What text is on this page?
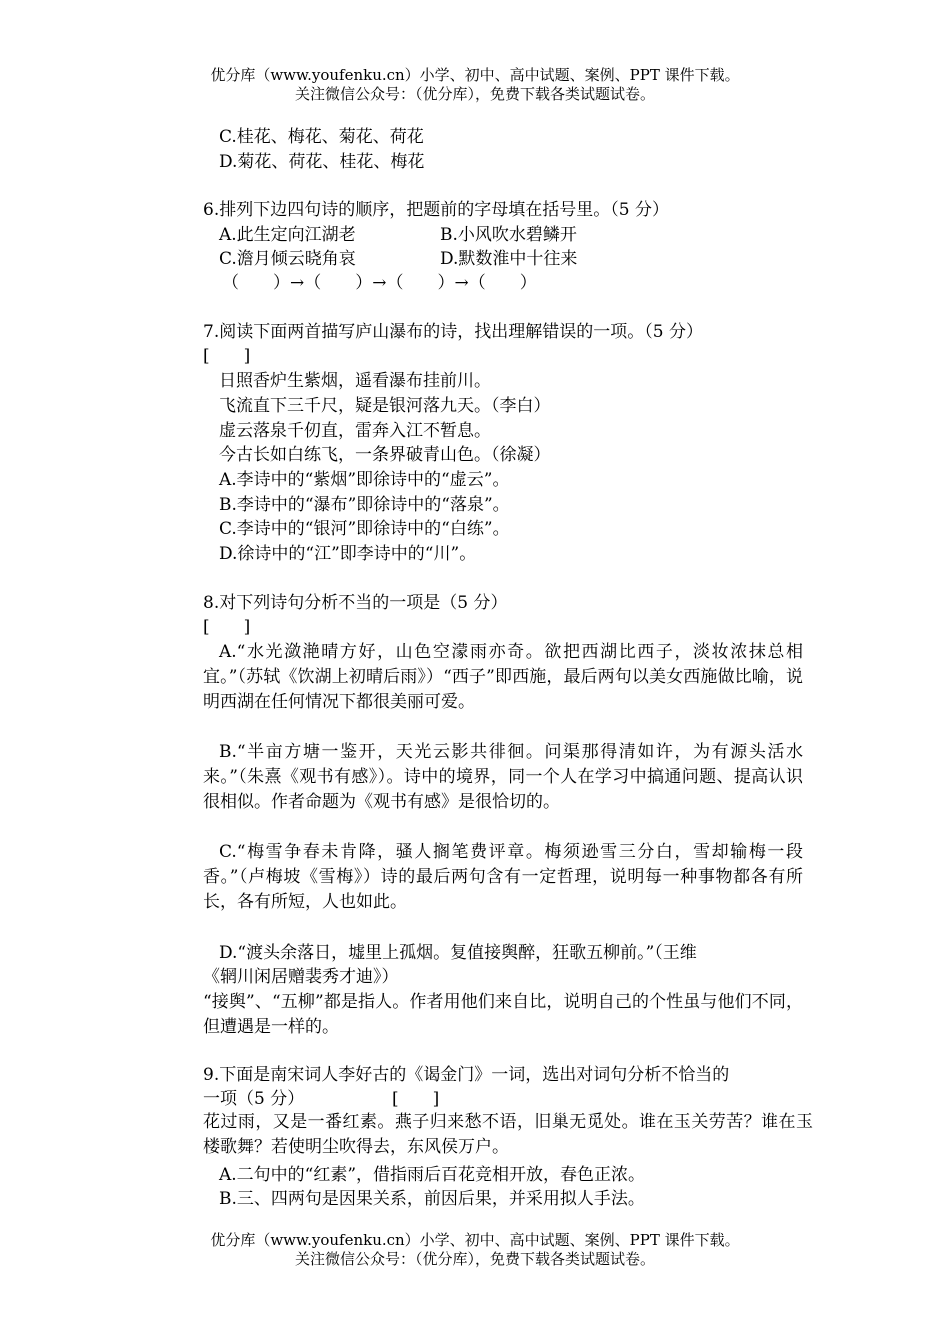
优分库（www.youfenku.cn）小学、初中、高中试题、案例、PPT 课件下载。
关注微信公众号：（优分库），免费下载各类试题试卷。
C.桂花、梅花、菊花、荷花
D.菊花、荷花、桂花、梅花
6.排列下边四句诗的顺序，把题前的字母填在括号里。（5 分）
A.此生定向江湖老	B.小风吹水碧鳞开
C.澹月倾云晓角哀	D.默数淮中十往来
（　　）→（　　）→（　　）→（　　）
7.阅读下面两首描写庐山瀑布的诗，找出理解错误的一项。（5 分）
[　　]
日照香炉生紫烟，遥看瀑布挂前川。
飞流直下三千尺，疑是银河落九天。（李白）
虚云落泉千仞直，雷奔入江不暂息。
今古长如白练飞，一条界破青山色。（徐凝）
A.李诗中的“紫烟”即徐诗中的“虚云”。
B.李诗中的“瀑布”即徐诗中的“落泉”。
C.李诗中的“银河”即徐诗中的“白练”。
D.徐诗中的“江”即李诗中的“川”。
8.对下列诗句分析不当的一项是（5 分）
[　　]
A.“水光潋滟晴方好，山色空濛雨亦奇。欲把西湖比西子，淡妆浓抹总相宜。”（苏轼《饮湖上初晴后雨》）“西子”即西施，最后两句以美女西施做比喻，说明西湖在任何情况下都很美丽可爱。
B.“半亩方塘一鉴开，天光云影共徘徊。问渠那得清如许，为有源头活水来。”（朱熹《观书有感》）。诗中的境界，同一个人在学习中搞通问题、提高认识很相似。作者命题为《观书有感》是很恰切的。
C.“梅雪争春未肯降，骚人搁笔费评章。梅须逊雪三分白，雪却输梅一段香。”（卢梅坡《雪梅》）诗的最后两句含有一定哲理，说明每一种事物都各有所长，各有所短，人也如此。
D.“渡头余落日，墟里上孤烟。复值接舆醉，狂歌五柳前。”（王维
《辋川闲居赠裴秀才迪》）
“接舆”、“五柳”都是指人。作者用他们来自比，说明自己的个性虽与他们不同，但遭遇是一样的。
9.下面是南宋词人李好古的《谒金门》一词，选出对词句分析不恰当的
一项（5 分）	[　　]
花过雨，又是一番红素。燕子归来愁不语，旧巢无觅处。谁在玉关劳苦？谁在玉楼歌舞？若使明尘吹得去，东风侯万户。
A.二句中的“红素”，借指雨后百花竞相开放，春色正浓。
B.三、四两句是因果关系，前因后果，并采用拟人手法。
优分库（www.youfenku.cn）小学、初中、高中试题、案例、PPT 课件下载。
关注微信公众号：（优分库），免费下载各类试题试卷。
